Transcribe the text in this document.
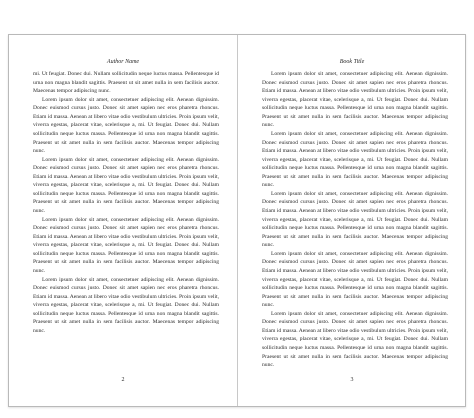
Author Name

mi. Ut feugiat. Donec dui. Nullam sollicitudin neque luctus massa. Pellentesque id urna non magna blandit sagittis. Praesent ut sit amet nulla in sem facilisis auctor. Maecenas tempor adipiscing nunc.

Lorem ipsum dolor sit amet, consectetuer adipiscing elit. Aenean dignissim. Donec euismod cursus justo. Donec sit amet sapien nec eros pharetra rhoncus. Etiam id massa. Aenean at libero vitae odio vestibulum ultricies. Proin ipsum velit, viverra egestas, placerat vitae, scelerisque a, mi. Ut feugiat. Donec dui. Nullam sollicitudin neque luctus massa. Pellentesque id urna non magna blandit sagittis. Praesent ut sit amet nulla in sem facilisis auctor. Maecenas tempor adipiscing nunc.

Lorem ipsum dolor sit amet, consectetuer adipiscing elit. Aenean dignissim. Donec euismod cursus justo. Donec sit amet sapien nec eros pharetra rhoncus. Etiam id massa. Aenean at libero vitae odio vestibulum ultricies. Proin ipsum velit, viverra egestas, placerat vitae, scelerisque a, mi. Ut feugiat. Donec dui. Nullam sollicitudin neque luctus massa. Pellentesque id urna non magna blandit sagittis. Praesent ut sit amet nulla in sem facilisis auctor. Maecenas tempor adipiscing nunc.

Lorem ipsum dolor sit amet, consectetuer adipiscing elit. Aenean dignissim. Donec euismod cursus justo. Donec sit amet sapien nec eros pharetra rhoncus. Etiam id massa. Aenean at libero vitae odio vestibulum ultricies. Proin ipsum velit, viverra egestas, placerat vitae, scelerisque a, mi. Ut feugiat. Donec dui. Nullam sollicitudin neque luctus massa. Pellentesque id urna non magna blandit sagittis. Praesent ut sit amet nulla in sem facilisis auctor. Maecenas tempor adipiscing nunc.

Lorem ipsum dolor sit amet, consectetuer adipiscing elit. Aenean dignissim. Donec euismod cursus justo. Donec sit amet sapien nec eros pharetra rhoncus. Etiam id massa. Aenean at libero vitae odio vestibulum ultricies. Proin ipsum velit, viverra egestas, placerat vitae, scelerisque a, mi. Ut feugiat. Donec dui. Nullam sollicitudin neque luctus massa. Pellentesque id urna non magna blandit sagittis. Praesent ut sit amet nulla in sem facilisis auctor. Maecenas tempor adipiscing nunc.

2
Book Title

Lorem ipsum dolor sit amet, consectetuer adipiscing elit. Aenean dignissim. Donec euismod cursus justo. Donec sit amet sapien nec eros pharetra rhoncus. Etiam id massa. Aenean at libero vitae odio vestibulum ultricies. Proin ipsum velit, viverra egestas, placerat vitae, scelerisque a, mi. Ut feugiat. Donec dui. Nullam sollicitudin neque luctus massa. Pellentesque id urna non magna blandit sagittis. Praesent ut sit amet nulla in sem facilisis auctor. Maecenas tempor adipiscing nunc.

Lorem ipsum dolor sit amet, consectetuer adipiscing elit. Aenean dignissim. Donec euismod cursus justo. Donec sit amet sapien nec eros pharetra rhoncus. Etiam id massa. Aenean at libero vitae odio vestibulum ultricies. Proin ipsum velit, viverra egestas, placerat vitae, scelerisque a, mi. Ut feugiat. Donec dui. Nullam sollicitudin neque luctus massa. Pellentesque id urna non magna blandit sagittis. Praesent ut sit amet nulla in sem facilisis auctor. Maecenas tempor adipiscing nunc.

Lorem ipsum dolor sit amet, consectetuer adipiscing elit. Aenean dignissim. Donec euismod cursus justo. Donec sit amet sapien nec eros pharetra rhoncus. Etiam id massa. Aenean at libero vitae odio vestibulum ultricies. Proin ipsum velit, viverra egestas, placerat vitae, scelerisque a, mi. Ut feugiat. Donec dui. Nullam sollicitudin neque luctus massa. Pellentesque id urna non magna blandit sagittis. Praesent ut sit amet nulla in sem facilisis auctor. Maecenas tempor adipiscing nunc.

Lorem ipsum dolor sit amet, consectetuer adipiscing elit. Aenean dignissim. Donec euismod cursus justo. Donec sit amet sapien nec eros pharetra rhoncus. Etiam id massa. Aenean at libero vitae odio vestibulum ultricies. Proin ipsum velit, viverra egestas, placerat vitae, scelerisque a, mi. Ut feugiat. Donec dui. Nullam sollicitudin neque luctus massa. Pellentesque id urna non magna blandit sagittis. Praesent ut sit amet nulla in sem facilisis auctor. Maecenas tempor adipiscing nunc.

Lorem ipsum dolor sit amet, consectetuer adipiscing elit. Aenean dignissim. Donec euismod cursus justo. Donec sit amet sapien nec eros pharetra rhoncus. Etiam id massa. Aenean at libero vitae odio vestibulum ultricies. Proin ipsum velit, viverra egestas, placerat vitae, scelerisque a, mi. Ut feugiat. Donec dui. Nullam sollicitudin neque luctus massa. Pellentesque id urna non magna blandit sagittis. Praesent ut sit amet nulla in sem facilisis auctor. Maecenas tempor adipiscing nunc.

3
